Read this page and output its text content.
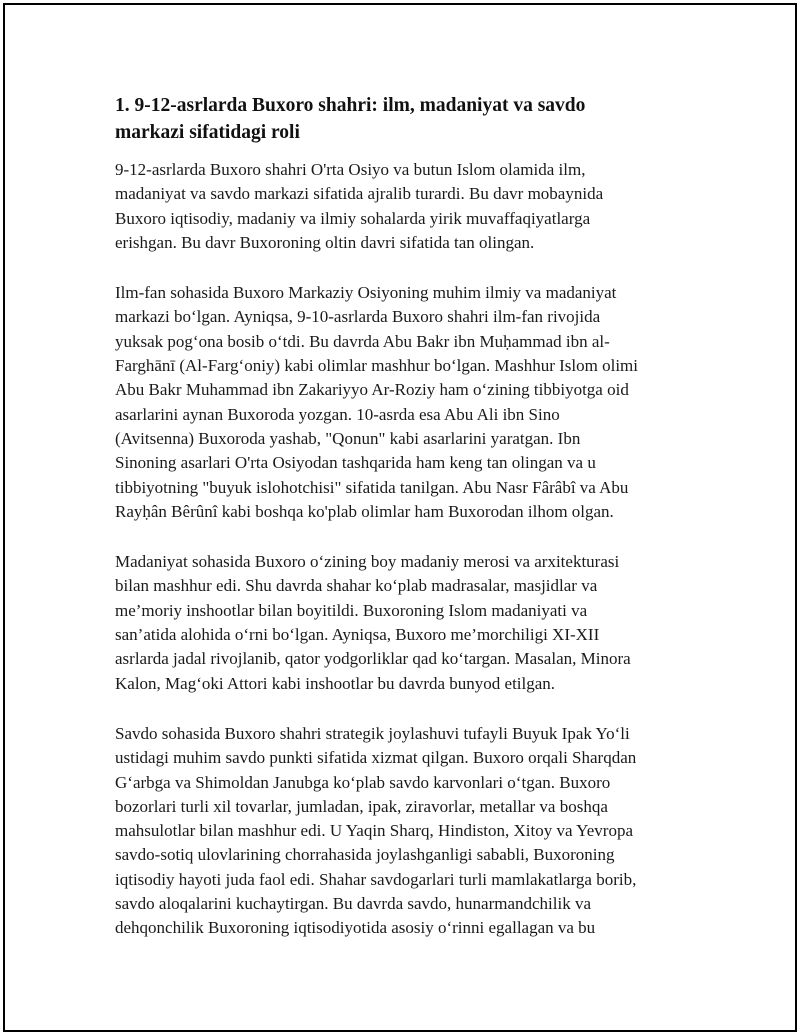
1. 9-12-asrlarda Buxoro shahri: ilm, madaniyat va savdo
markazi sifatidagi roli
9-12-asrlarda Buxoro shahri O'rta Osiyo va butun Islom olamida ilm,
madaniyat va savdo markazi sifatida ajralib turardi. Bu davr mobaynida
Buxoro iqtisodiy, madaniy va ilmiy sohalarda yirik muvaffaqiyatlarga
erishgan. Bu davr Buxoroning oltin davri sifatida tan olingan.
Ilm-fan sohasida Buxoro Markaziy Osiyoning muhim ilmiy va madaniyat
markazi boʻlgan. Ayniqsa, 9-10-asrlarda Buxoro shahri ilm-fan rivojida
yuksak pogʻona bosib oʻtdi. Bu davrda Abu Bakr ibn Muḥammad ibn al-
Farghānī (Al-Fargʻoniy) kabi olimlar mashhur boʻlgan. Mashhur Islom olimi
Abu Bakr Muhammad ibn Zakariyyo Ar-Roziy ham oʻzining tibbiyotga oid
asarlarini aynan Buxoroda yozgan. 10-asrda esa Abu Ali ibn Sino
(Avitsenna) Buxoroda yashab, "Qonun" kabi asarlarini yaratgan. Ibn
Sinoning asarlari O'rta Osiyodan tashqarida ham keng tan olingan va u
tibbiyotning "buyuk islohotchisi" sifatida tanilgan. Abu Nasr Fârâbî va Abu
Rayḥân Bêrûnî kabi boshqa ko'plab olimlar ham Buxorodan ilhom olgan.
Madaniyat sohasida Buxoro oʻzining boy madaniy merosi va arxitekturasi
bilan mashhur edi. Shu davrda shahar koʻplab madrasalar, masjidlar va
me’moriy inshootlar bilan boyitildi. Buxoroning Islom madaniyati va
san’atida alohida oʻrni boʻlgan. Ayniqsa, Buxoro me’morchiligi XI-XII
asrlarda jadal rivojlanib, qator yodgorliklar qad koʻtargan. Masalan, Minora
Kalon, Magʻoki Attori kabi inshootlar bu davrda bunyod etilgan.
Savdo sohasida Buxoro shahri strategik joylashuvi tufayli Buyuk Ipak Yoʻli
ustidagi muhim savdo punkti sifatida xizmat qilgan. Buxoro orqali Sharqdan
Gʻarbga va Shimoldan Janubga koʻplab savdo karvonlari oʻtgan. Buxoro
bozorlari turli xil tovarlar, jumladan, ipak, ziravorlar, metallar va boshqa
mahsulotlar bilan mashhur edi. U Yaqin Sharq, Hindiston, Xitoy va Yevropa
savdo-sotiq ulovlarining chorrahasida joylashganligi sababli, Buxoroning
iqtisodiy hayoti juda faol edi. Shahar savdogarlari turli mamlakatlarga borib,
savdo aloqalarini kuchaytirgan. Bu davrda savdo, hunarmandchilik va
dehqonchilik Buxoroning iqtisodiyotida asosiy oʻrinni egallagan va bu
